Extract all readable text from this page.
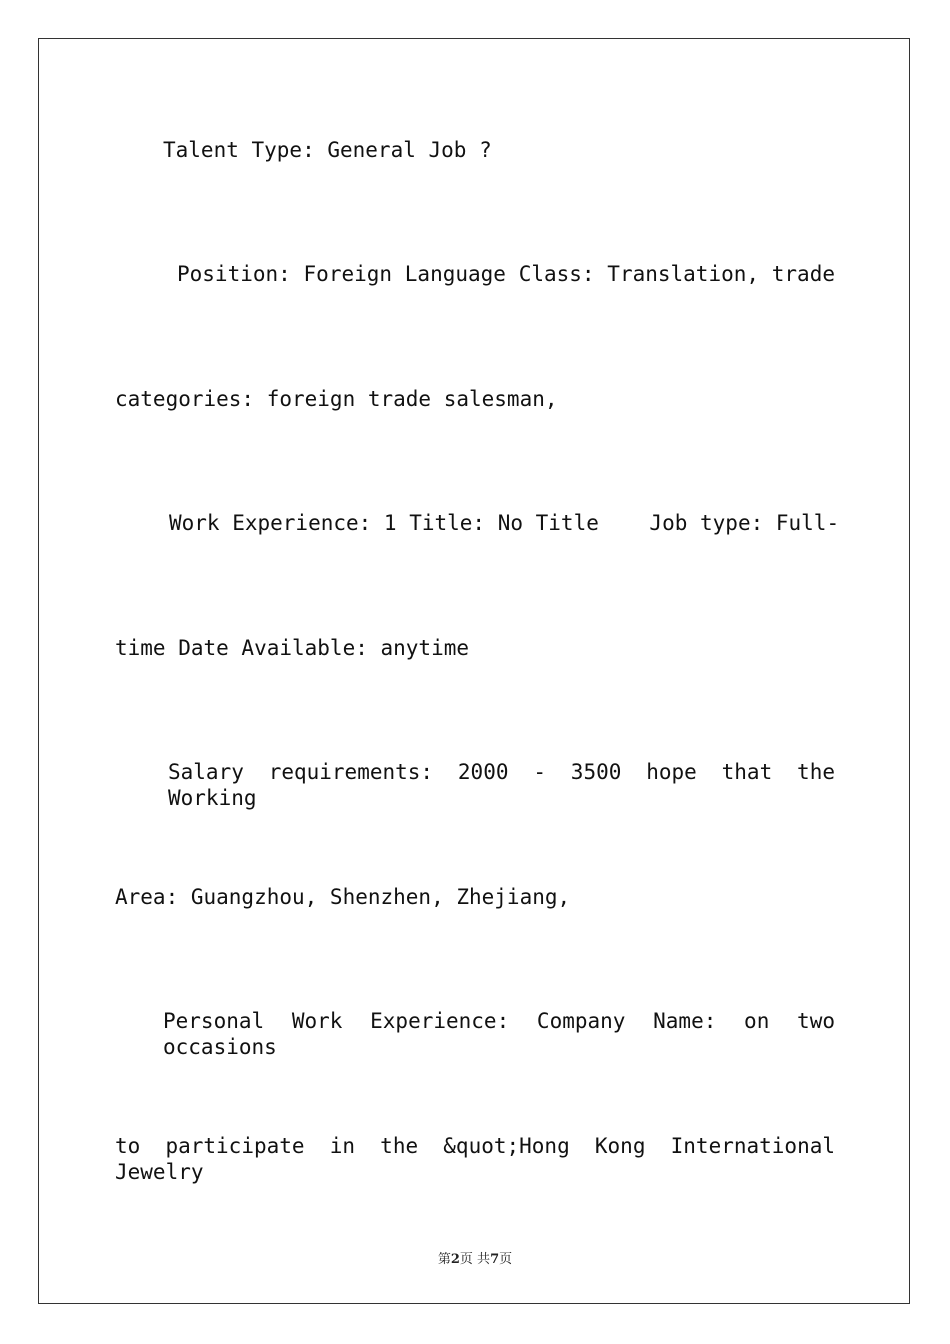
Talent Type: General Job ?
Position: Foreign Language Class: Translation, trade
categories: foreign trade salesman,
Work Experience: 1 Title: No Title    Job type: Full-
time Date Available: anytime
Salary requirements: 2000 - 3500 hope that the Working
Area: Guangzhou, Shenzhen, Zhejiang,
Personal Work Experience: Company Name: on two occasions
to participate in the &quot;Hong Kong International Jewelry
第2页 共7页
